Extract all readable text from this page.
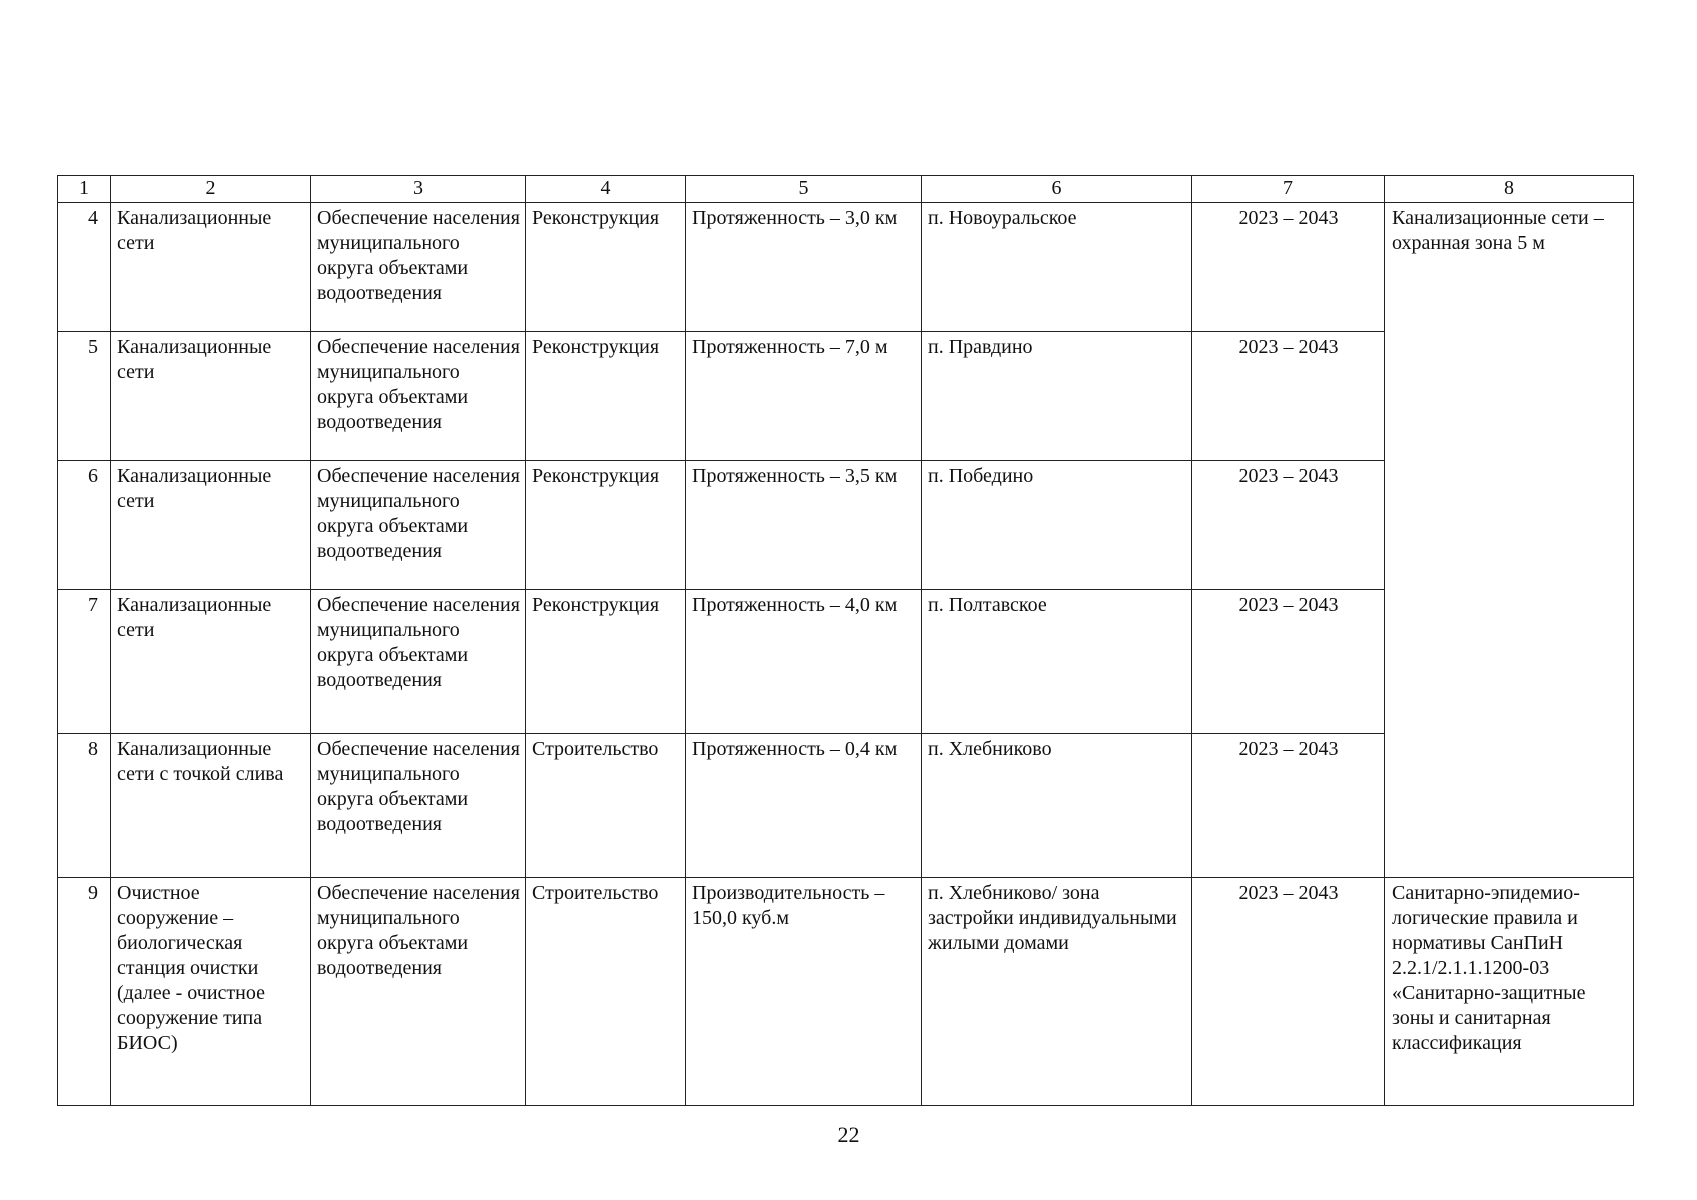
1	2	3	4	5	6	7	8
4	Канализационные сети	Обеспечение населения муниципального округа объектами водоотведения	Реконструкция	Протяженность – 3,0 км	п. Новоуральское	2023 – 2043	Канализационные сети – охранная зона 5 м
5	Канализационные сети	Обеспечение населения муниципального округа объектами водоотведения	Реконструкция	Протяженность – 7,0 м	п. Правдино	2023 – 2043	
6	Канализационные сети	Обеспечение населения муниципального округа объектами водоотведения	Реконструкция	Протяженность – 3,5 км	п. Победино	2023 – 2043	
7	Канализационные сети	Обеспечение населения муниципального округа объектами водоотведения	Реконструкция	Протяженность – 4,0 км	п. Полтавское	2023 – 2043	
8	Канализационные сети с точкой слива	Обеспечение населения муниципального округа объектами водоотведения	Строительство	Протяженность – 0,4 км	п. Хлебниково	2023 – 2043	
9	Очистное сооружение – биологическая станция очистки (далее - очистное сооружение типа БИОС)	Обеспечение населения муниципального округа объектами водоотведения	Строительство	Производительность – 150,0 куб.м	п. Хлебниково/ зона застройки индивидуальными жилыми домами	2023 – 2043	Санитарно-эпидемио-логические правила и нормативы СанПиН 2.2.1/2.1.1.1200-03 «Санитарно-защитные зоны и санитарная классификация
22
